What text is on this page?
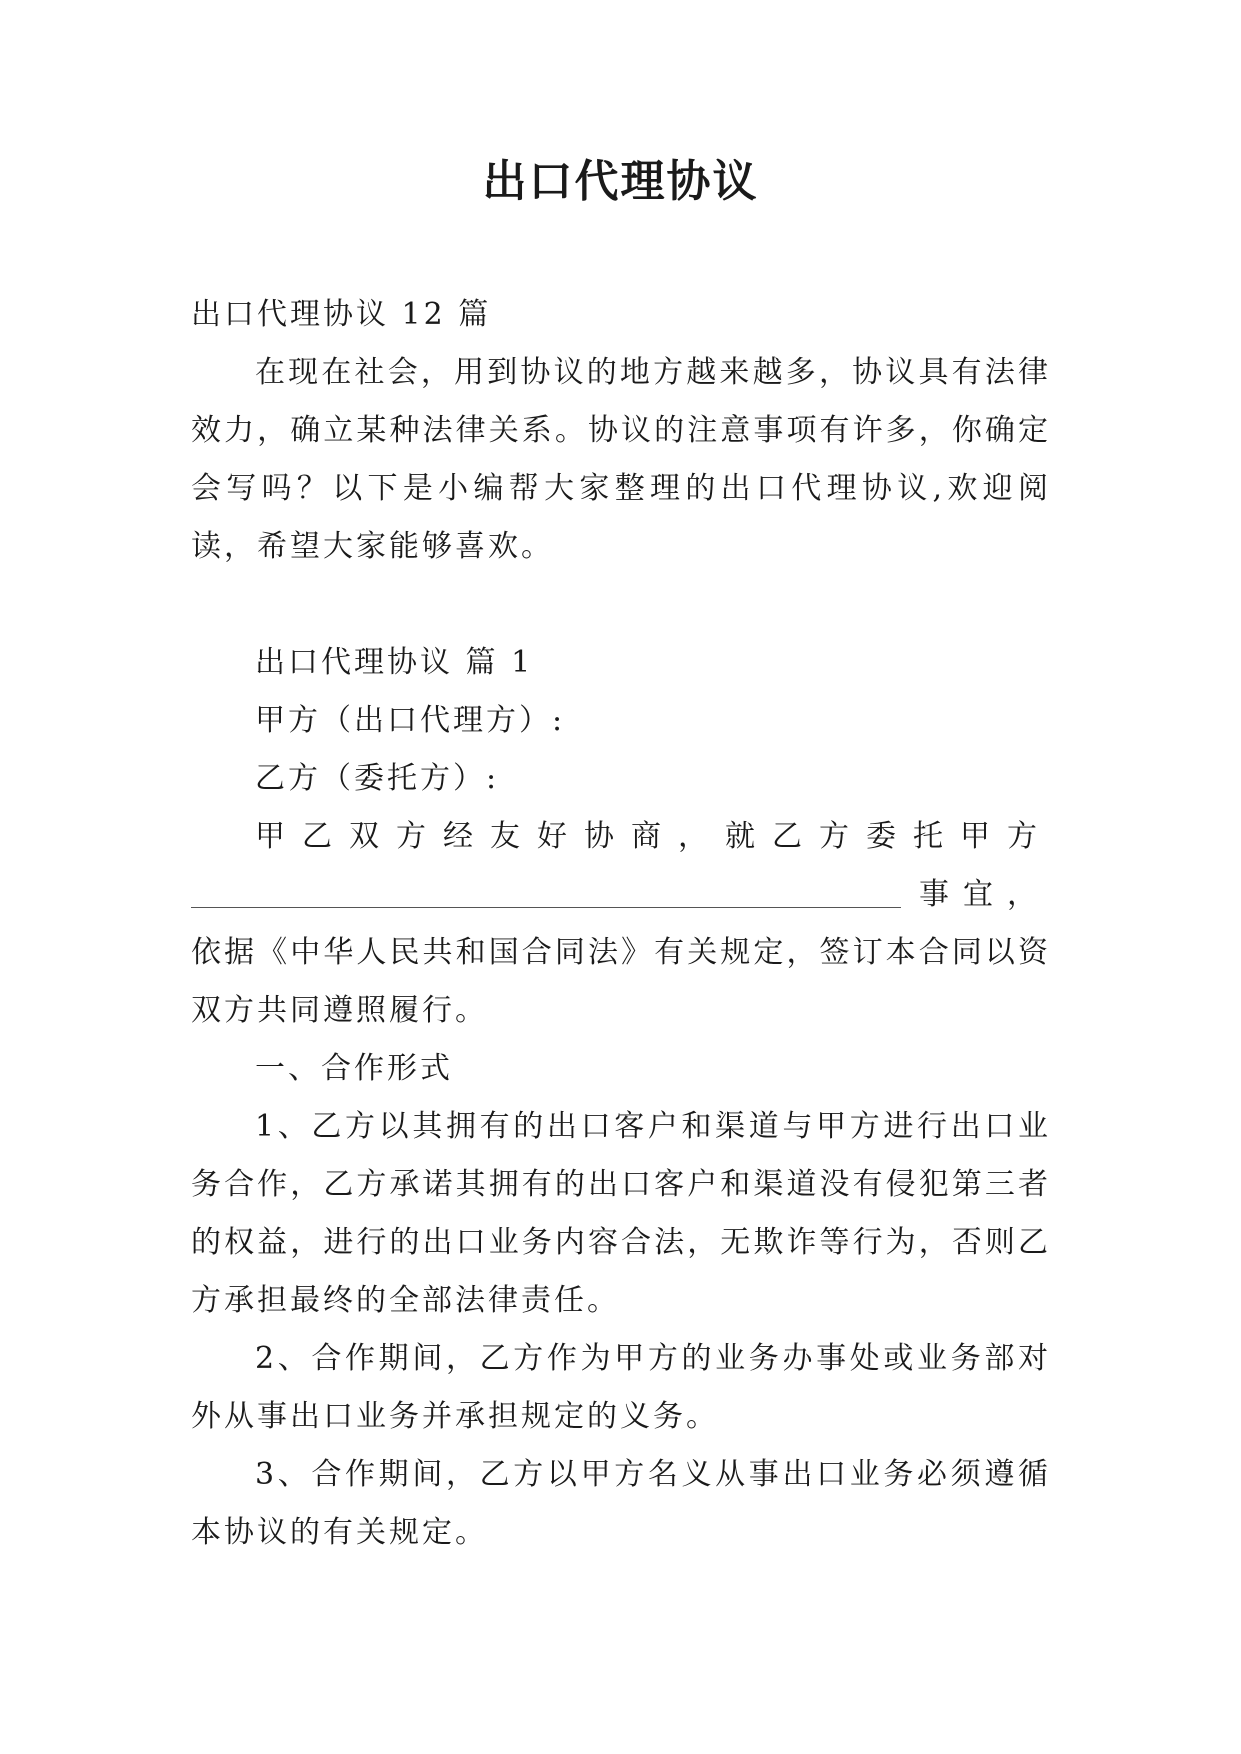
出口代理协议

出口代理协议 12 篇

在现在社会，用到协议的地方越来越多，协议具有法律效力，确立某种法律关系。协议的注意事项有许多，你确定会写吗？以下是小编帮大家整理的出口代理协议,欢迎阅读，希望大家能够喜欢。

出口代理协议 篇 1

甲方（出口代理方）:

乙方（委托方）:

甲乙双方经友好协商，就乙方委托甲方

事宜，

依据《中华人民共和国合同法》有关规定，签订本合同以资双方共同遵照履行。

一、合作形式

1、乙方以其拥有的出口客户和渠道与甲方进行出口业务合作，乙方承诺其拥有的出口客户和渠道没有侵犯第三者的权益，进行的出口业务内容合法，无欺诈等行为，否则乙方承担最终的全部法律责任。

2、合作期间，乙方作为甲方的业务办事处或业务部对外从事出口业务并承担规定的义务。

3、合作期间，乙方以甲方名义从事出口业务必须遵循本协议的有关规定。
